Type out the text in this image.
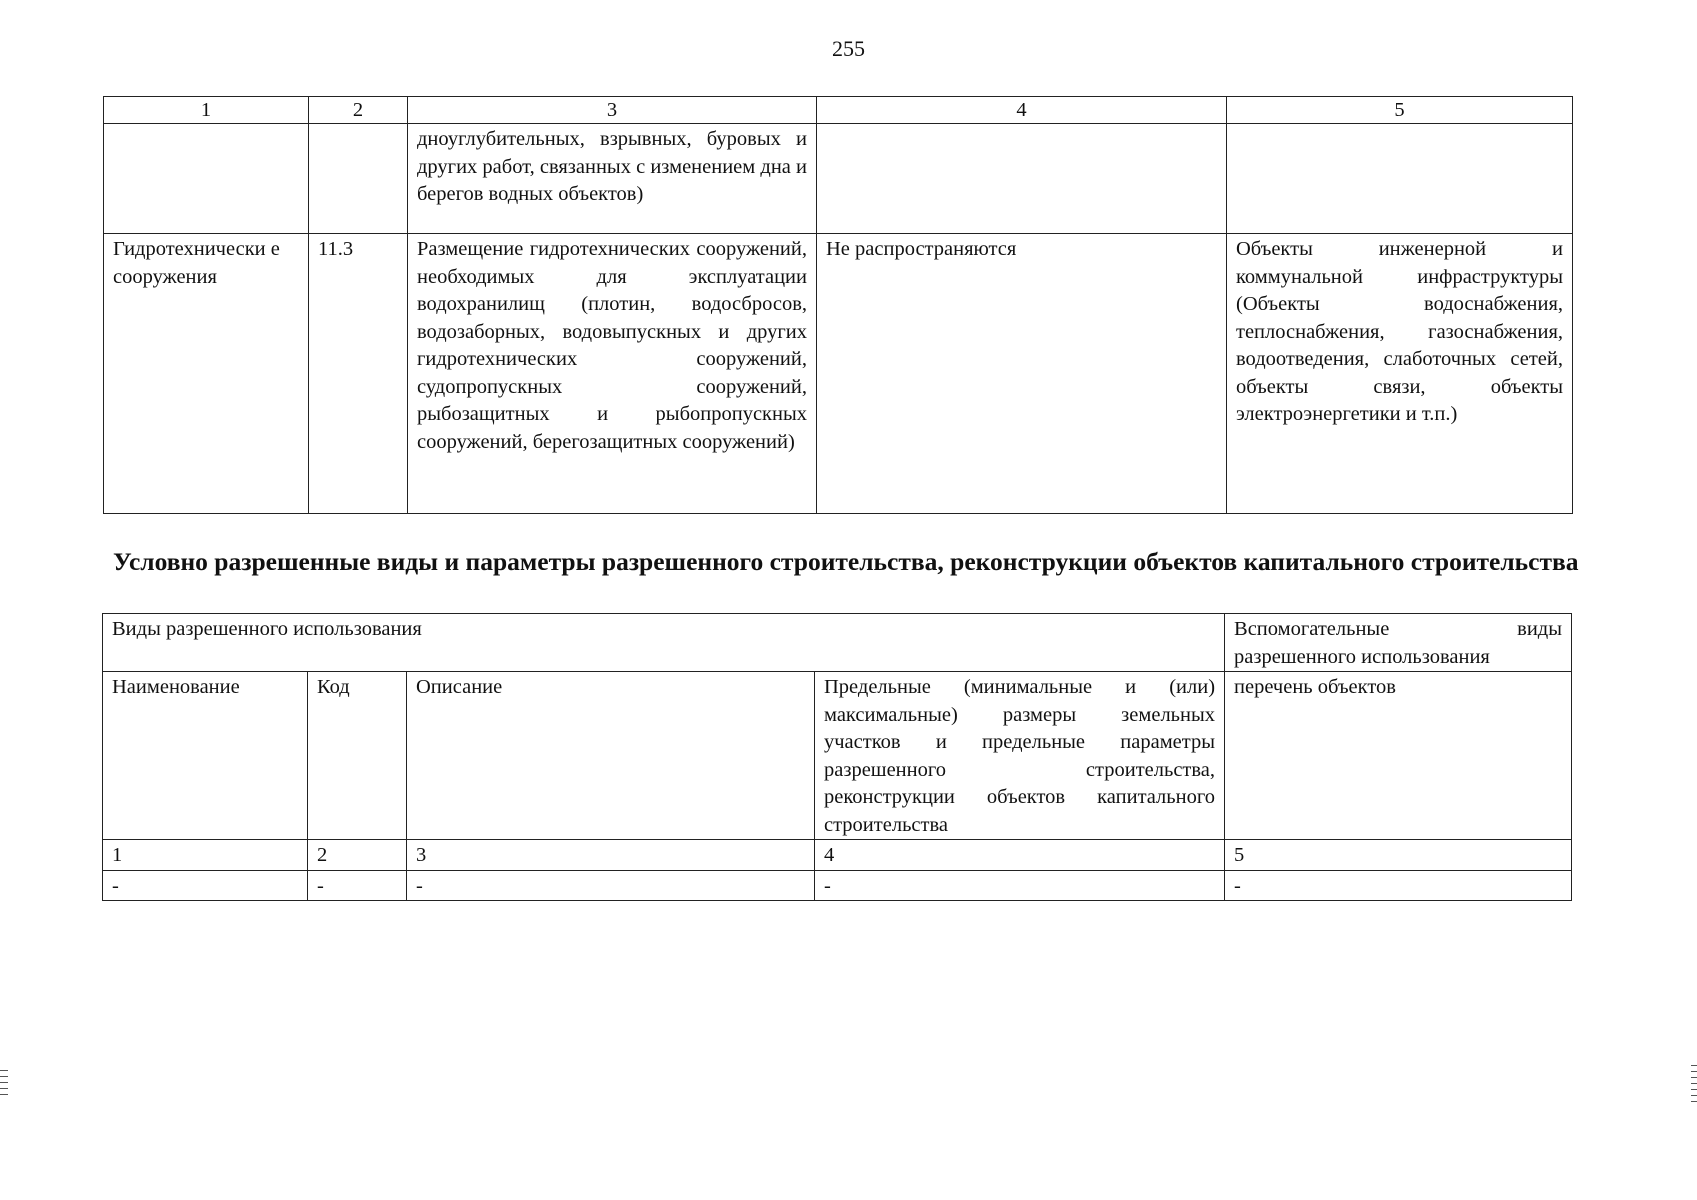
255
1	2	3	4	5
		дноуглубительных, взрывных, буровых и других работ, связанных с изменением дна и берегов водных объектов)		
Гидротехнически е сооружения	11.3	Размещение гидротехнических сооружений, необходимых для эксплуатации водохранилищ (плотин, водосбросов, водозаборных, водовыпускных и других гидротехнических сооружений, судопропускных сооружений, рыбозащитных и рыбопропускных сооружений, берегозащитных сооружений)	Не распространяются	Объекты инженерной и коммунальной инфраструктуры (Объекты водоснабжения, теплоснабжения, газоснабжения, водоотведения, слаботочных сетей, объекты связи, объекты электроэнергетики и т.п.)
Условно разрешенные виды и параметры разрешенного строительства, реконструкции объектов капитального строительства
Виды разрешенного использования				Вспомогательные виды разрешенного использования
Наименование	Код	Описание	Предельные (минимальные и (или) максимальные) размеры земельных участков и предельные параметры разрешенного строительства, реконструкции объектов капитального строительства	перечень объектов
1	2	3	4	5
-	-	-	-	-
